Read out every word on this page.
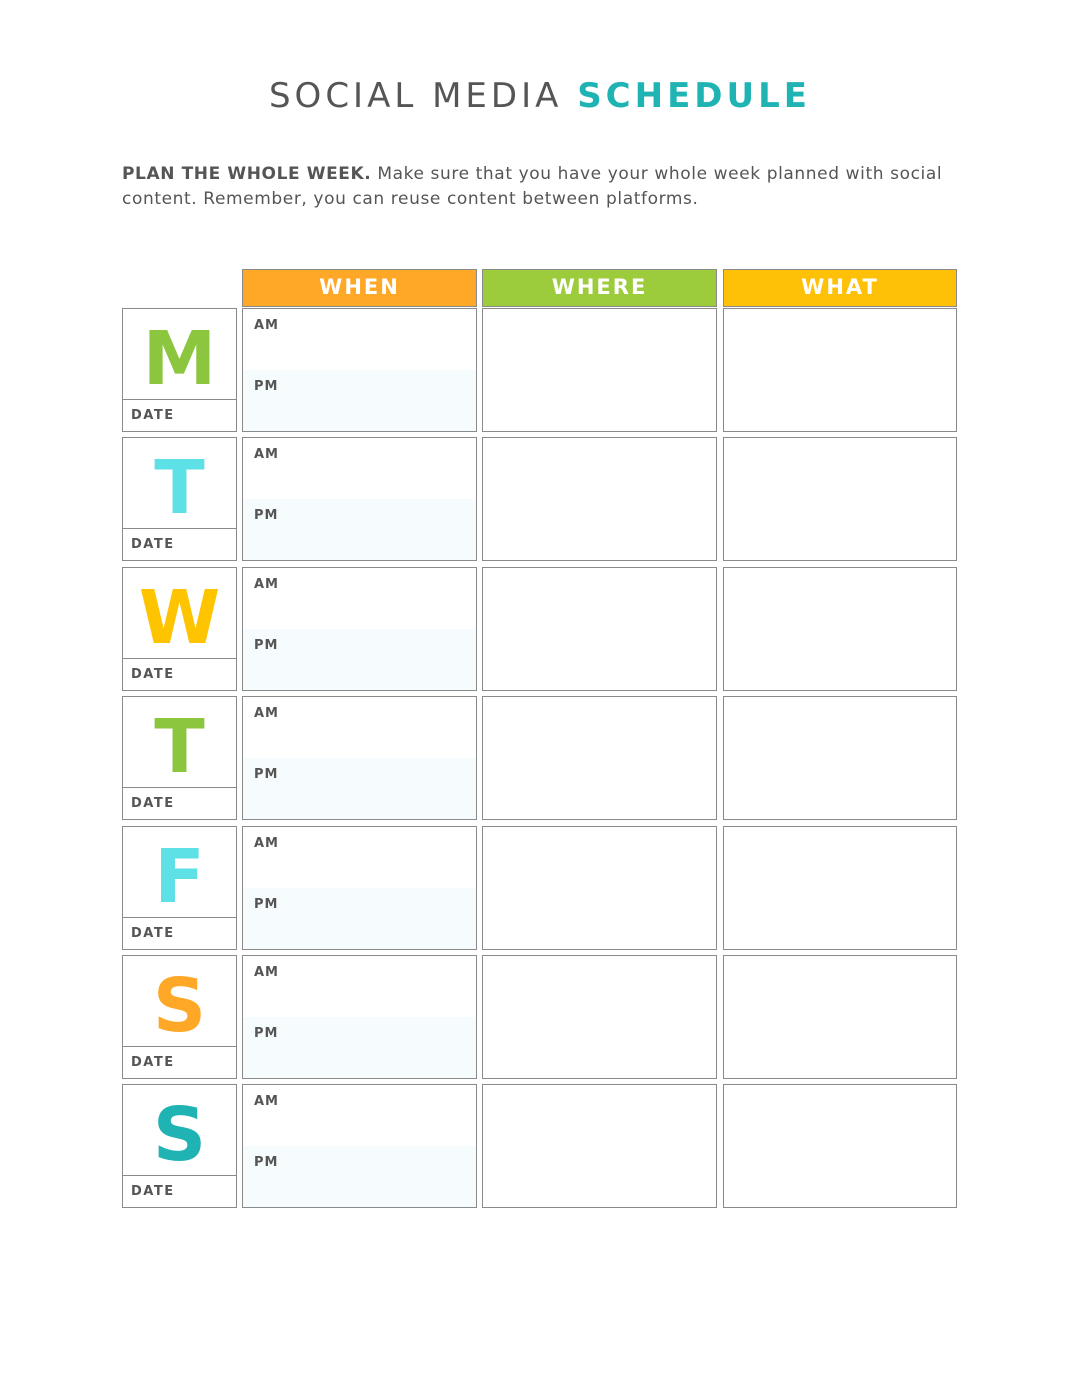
SOCIAL MEDIA SCHEDULE
PLAN THE WHOLE WEEK. Make sure that you have your whole week planned with social content. Remember, you can reuse content between platforms.
WHEN	WHERE	WHAT
M
DATE
AM
PM
T
DATE
AM
PM
W
DATE
AM
PM
T
DATE
AM
PM
F
DATE
AM
PM
S
DATE
AM
PM
S
DATE
AM
PM
